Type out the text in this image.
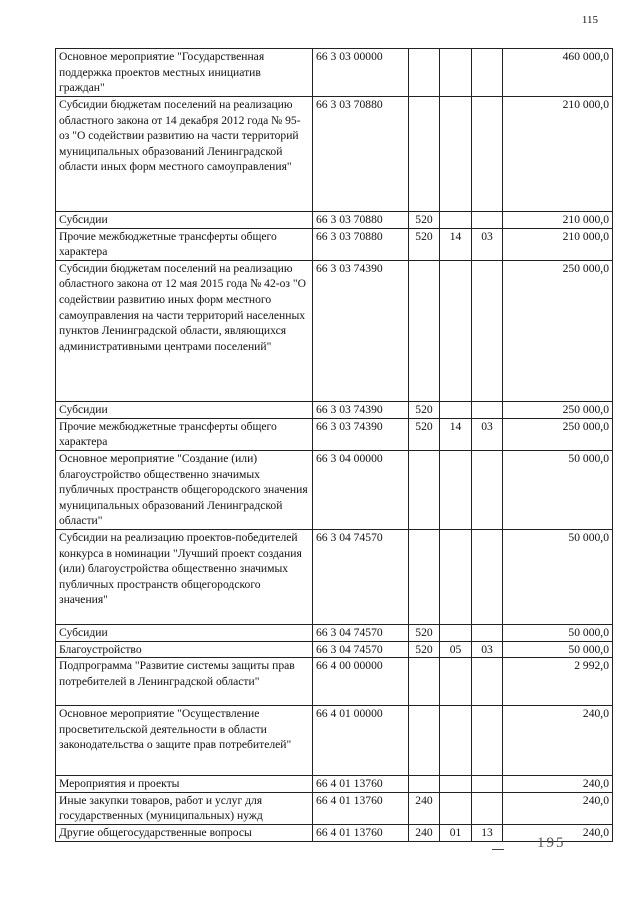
115
Основное мероприятие "Государственная поддержка проектов местных инициатив граждан"	66 3 03 00000				460 000,0
Субсидии бюджетам поселений на реализацию областного закона от 14 декабря 2012 года № 95-оз "О содействии развитию на части территорий муниципальных образований Ленинградской области иных форм местного самоуправления"	66 3 03 70880				210 000,0
Субсидии	66 3 03 70880	520			210 000,0
Прочие межбюджетные трансферты общего характера	66 3 03 70880	520	14	03	210 000,0
Субсидии бюджетам поселений на реализацию областного закона от 12 мая 2015 года № 42-оз "О содействии развитию иных форм местного самоуправления на части территорий населенных пунктов Ленинградской области, являющихся административными центрами поселений"	66 3 03 74390				250 000,0
Субсидии	66 3 03 74390	520			250 000,0
Прочие межбюджетные трансферты общего характера	66 3 03 74390	520	14	03	250 000,0
Основное мероприятие "Создание (или) благоустройство общественно значимых публичных пространств общегородского значения муниципальных образований Ленинградской области"	66 3 04 00000				50 000,0
Субсидии на реализацию проектов-победителей конкурса в номинации "Лучший проект создания (или) благоустройства общественно значимых публичных пространств общегородского значения"	66 3 04 74570				50 000,0
Субсидии	66 3 04 74570	520			50 000,0
Благоустройство	66 3 04 74570	520	05	03	50 000,0
Подпрограмма "Развитие системы защиты прав потребителей в Ленинградской области"	66 4 00 00000				2 992,0
Основное мероприятие "Осуществление просветительской деятельности в области законодательства о защите прав потребителей"	66 4 01 00000				240,0
Мероприятия и проекты	66 4 01 13760				240,0
Иные закупки товаров, работ и услуг для государственных (муниципальных) нужд	66 4 01 13760	240			240,0
Другие общегосударственные вопросы	66 4 01 13760	240	01	13	240,0
195
